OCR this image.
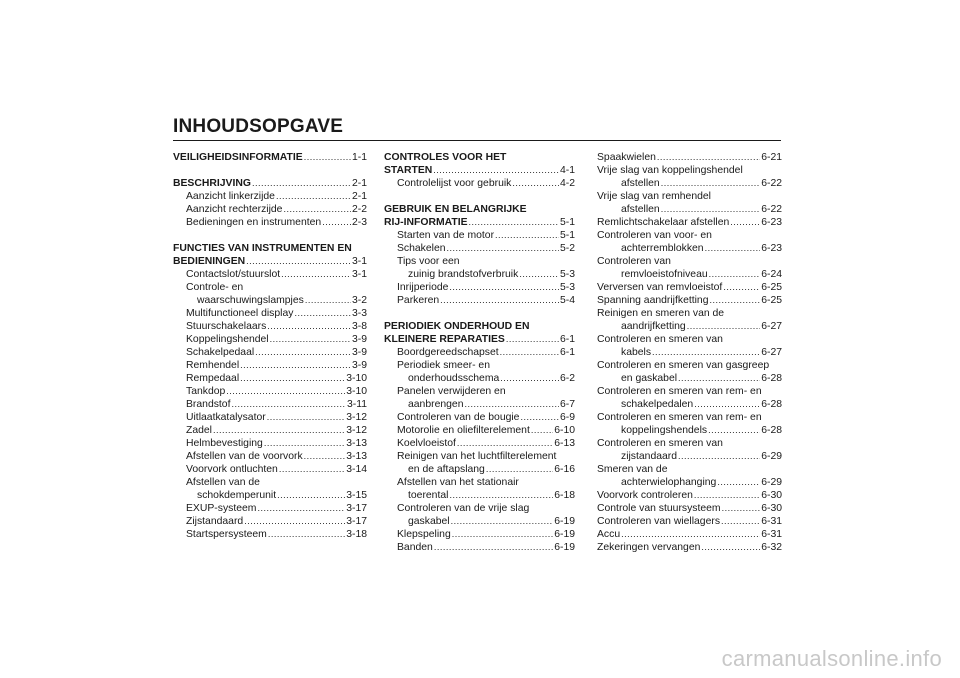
INHOUDSOPGAVE
VEILIGHEIDSINFORMATIE .....	1-1
BESCHRIJVING .....	2-1
Aanzicht linkerzijde .....	2-1
Aanzicht rechterzijde .....	2-2
Bedieningen en instrumenten .....	2-3
FUNCTIES VAN INSTRUMENTEN EN
BEDIENINGEN .....	3-1
Contactslot/stuurslot .....	3-1
Controle- en
waarschuwingslampjes .....	3-2
Multifunctioneel display .....	3-3
Stuurschakelaars .....	3-8
Koppelingshendel .....	3-9
Schakelpedaal .....	3-9
Remhendel .....	3-9
Rempedaal .....	3-10
Tankdop .....	3-10
Brandstof .....	3-11
Uitlaatkatalysator .....	3-12
Zadel .....	3-12
Helmbevestiging .....	3-13
Afstellen van de voorvork .....	3-13
Voorvork ontluchten .....	3-14
Afstellen van de
schokdemperunit .....	3-15
EXUP-systeem .....	3-17
Zijstandaard .....	3-17
Startspersysteem .....	3-18
CONTROLES VOOR HET
STARTEN .....	4-1
Controlelijst voor gebruik .....	4-2
GEBRUIK EN BELANGRIJKE
RIJ-INFORMATIE .....	5-1
Starten van de motor .....	5-1
Schakelen .....	5-2
Tips voor een
zuinig brandstofverbruik .....	5-3
Inrijperiode .....	5-3
Parkeren .....	5-4
PERIODIEK ONDERHOUD EN
KLEINERE REPARATIES .....	6-1
Boordgereedschapset .....	6-1
Periodiek smeer- en
onderhoudsschema .....	6-2
Panelen verwijderen en
aanbrengen .....	6-7
Controleren van de bougie .....	6-9
Motorolie en oliefilterelement ..... 6-10
Koelvloeistof .....	6-13
Reinigen van het luchtfilterelement
en de aftapslang .....	6-16
Afstellen van het stationair
toerental .....	6-18
Controleren van de vrije slag
gaskabel .....	6-19
Klepspeling .....	6-19
Banden .....	6-19
Spaakwielen .....	6-21
Vrije slag van koppelingshendel
afstellen .....	6-22
Vrije slag van remhendel
afstellen .....	6-22
Remlichtschakelaar afstellen .....	6-23
Controleren van voor- en
achterremblokken .....	6-23
Controleren van
remvloeistofniveau .....	6-24
Verversen van remvloeistof .....	6-25
Spanning aandrijfketting .....	6-25
Reinigen en smeren van de
aandrijfketting .....	6-27
Controleren en smeren van
kabels .....	6-27
Controleren en smeren van gasgreep
en gaskabel .....	6-28
Controleren en smeren van rem- en
schakelpedalen .....	6-28
Controleren en smeren van rem- en
koppelingshendels .....	6-28
Controleren en smeren van
zijstandaard .....	6-29
Smeren van de
achterwielophanging .....	6-29
Voorvork controleren .....	6-30
Controle van stuursysteem .....	6-30
Controleren van wiellagers .....	6-31
Accu .....	6-31
Zekeringen vervangen .....	6-32
carmanualsonline.info
